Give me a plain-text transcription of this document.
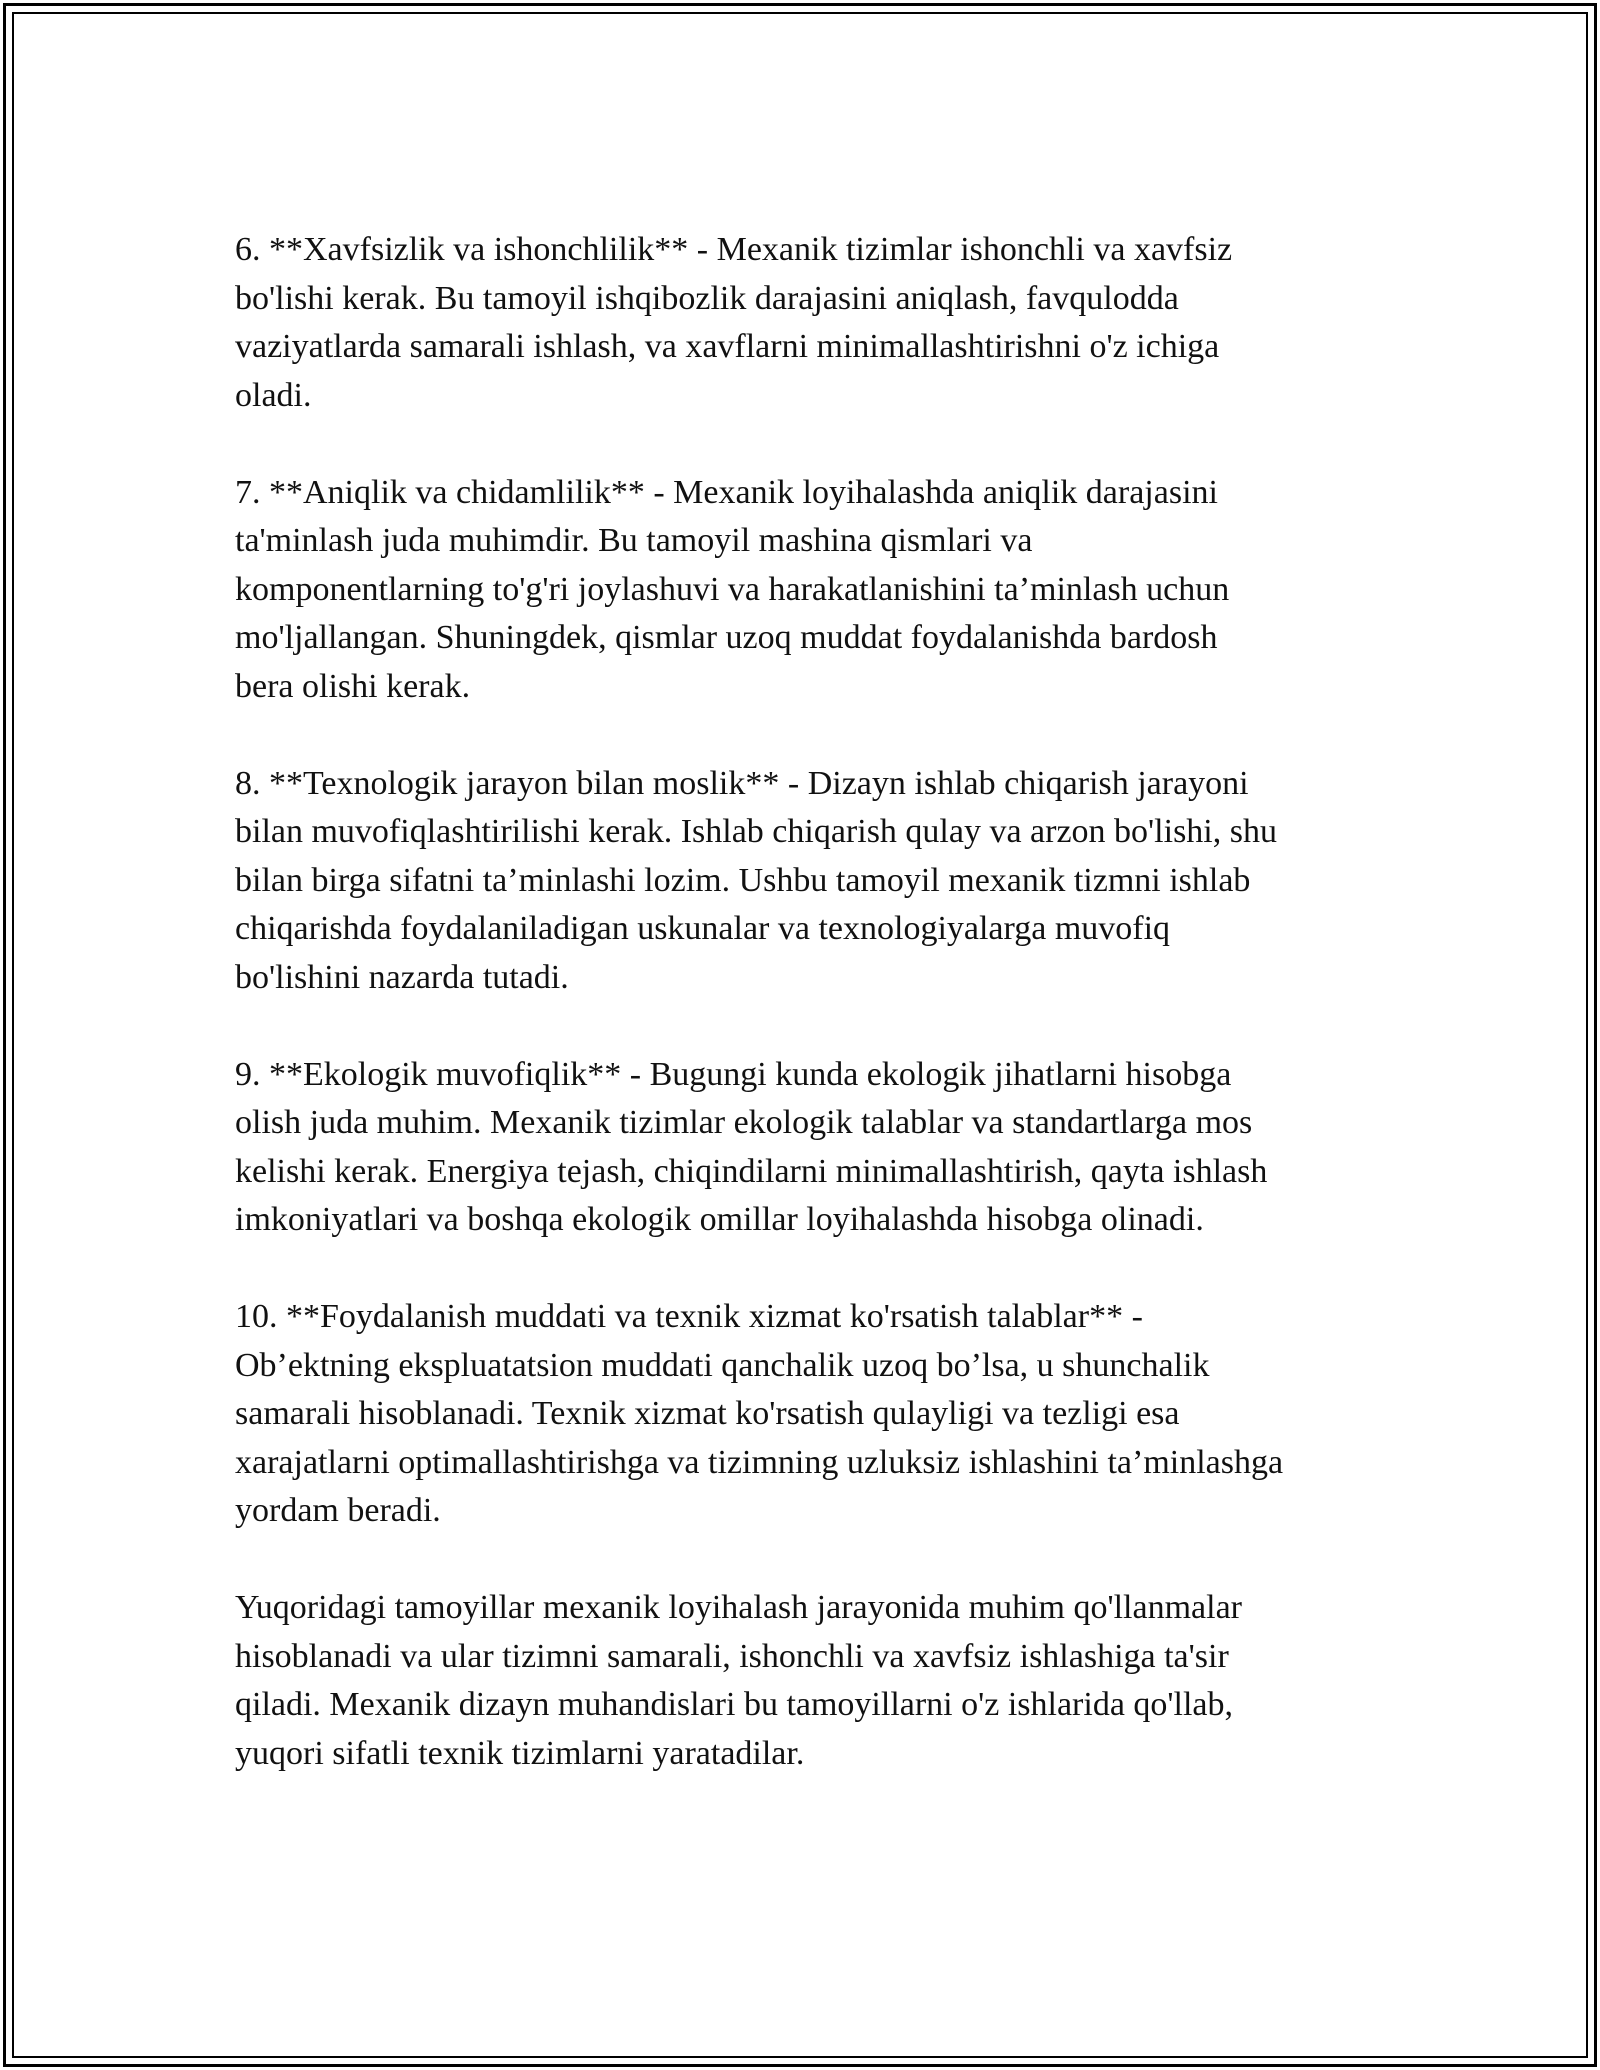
6. **Xavfsizlik va ishonchlilik** - Mexanik tizimlar ishonchli va xavfsiz
bo'lishi kerak. Bu tamoyil ishqibozlik darajasini aniqlash, favqulodda
vaziyatlarda samarali ishlash, va xavflarni minimallashtirishni o'z ichiga
oladi.

7. **Aniqlik va chidamlilik** - Mexanik loyihalashda aniqlik darajasini
ta'minlash juda muhimdir. Bu tamoyil mashina qismlari va
komponentlarning to'g'ri joylashuvi va harakatlanishini ta’minlash uchun
mo'ljallangan. Shuningdek, qismlar uzoq muddat foydalanishda bardosh
bera olishi kerak.

8. **Texnologik jarayon bilan moslik** - Dizayn ishlab chiqarish jarayoni
bilan muvofiqlashtirilishi kerak. Ishlab chiqarish qulay va arzon bo'lishi, shu
bilan birga sifatni ta’minlashi lozim. Ushbu tamoyil mexanik tizmni ishlab
chiqarishda foydalaniladigan uskunalar va texnologiyalarga muvofiq
bo'lishini nazarda tutadi.

9. **Ekologik muvofiqlik** - Bugungi kunda ekologik jihatlarni hisobga
olish juda muhim. Mexanik tizimlar ekologik talablar va standartlarga mos
kelishi kerak. Energiya tejash, chiqindilarni minimallashtirish, qayta ishlash
imkoniyatlari va boshqa ekologik omillar loyihalashda hisobga olinadi.

10. **Foydalanish muddati va texnik xizmat ko'rsatish talablar** -
Ob’ektning ekspluatatsion muddati qanchalik uzoq bo’lsa, u shunchalik
samarali hisoblanadi. Texnik xizmat ko'rsatish qulayligi va tezligi esa
xarajatlarni optimallashtirishga va tizimning uzluksiz ishlashini ta’minlashga
yordam beradi.

Yuqoridagi tamoyillar mexanik loyihalash jarayonida muhim qo'llanmalar
hisoblanadi va ular tizimni samarali, ishonchli va xavfsiz ishlashiga ta'sir
qiladi. Mexanik dizayn muhandislari bu tamoyillarni o'z ishlarida qo'llab,
yuqori sifatli texnik tizimlarni yaratadilar.
